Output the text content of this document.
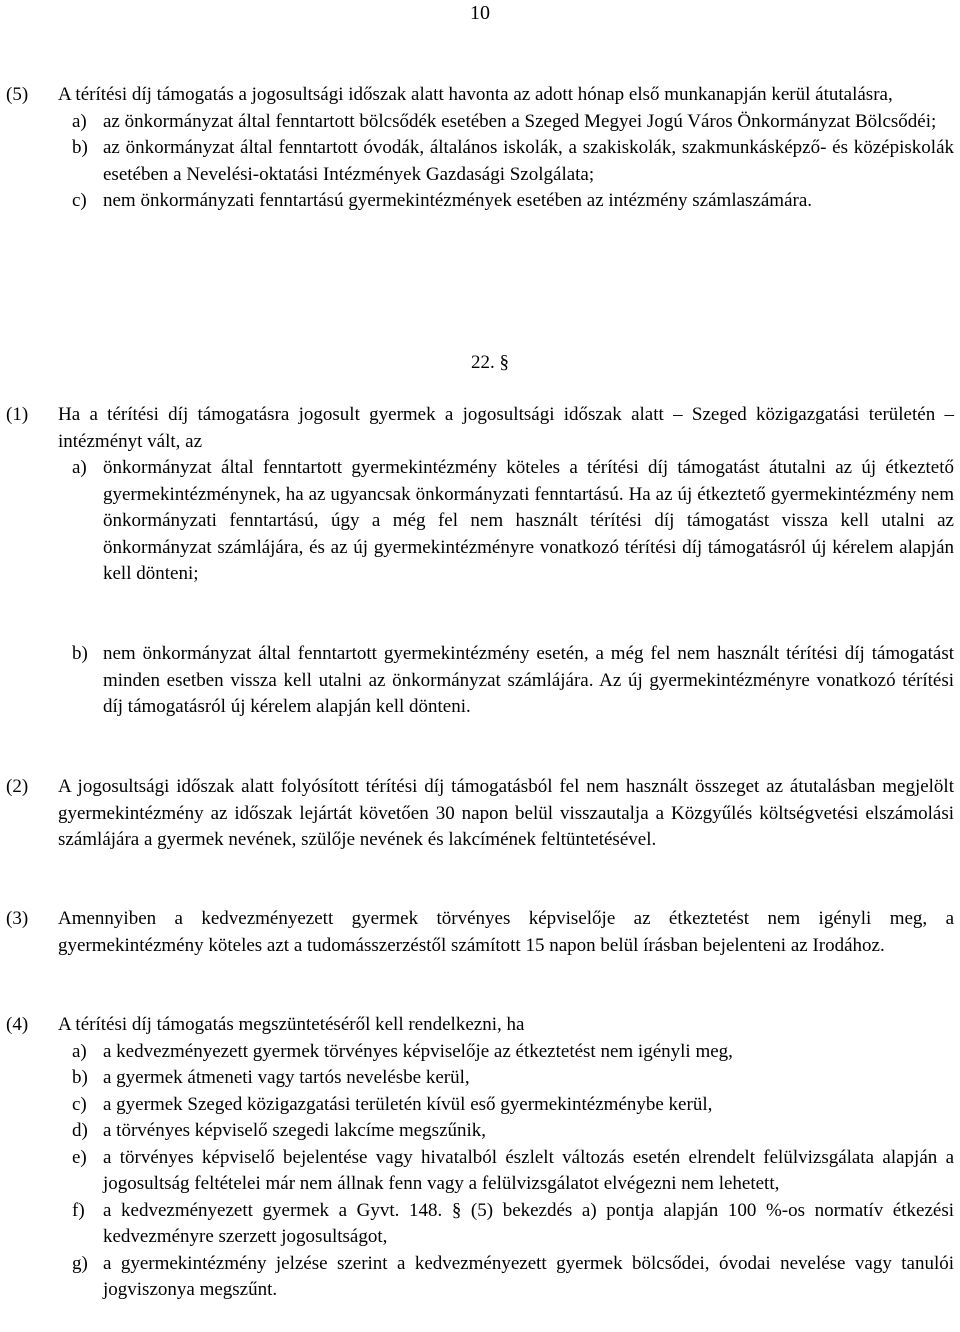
10
(5)	A térítési díj támogatás a jogosultsági időszak alatt havonta az adott hónap első munkanapján kerül átutalásra,
a) az önkormányzat által fenntartott bölcsődék esetében a Szeged Megyei Jogú Város Önkormányzat Bölcsődéi;
b) az önkormányzat által fenntartott óvodák, általános iskolák, a szakiskolák, szakmunkásképző- és középiskolák esetében a Nevelési-oktatási Intézmények Gazdasági Szolgálata;
c) nem önkormányzati fenntartású gyermekintézmények esetében az intézmény számlaszámára.
22. §
(1)	Ha a térítési díj támogatásra jogosult gyermek a jogosultsági időszak alatt – Szeged közigazgatási területén – intézményt vált, az
a) önkormányzat által fenntartott gyermekintézmény köteles a térítési díj támogatást átutalni az új étkeztető gyermekintézménynek, ha az ugyancsak önkormányzati fenntartású. Ha az új étkeztető gyermekintézmény nem önkormányzati fenntartású, úgy a még fel nem használt térítési díj támogatást vissza kell utalni az önkormányzat számlájára, és az új gyermekintézményre vonatkozó térítési díj támogatásról új kérelem alapján kell dönteni;
b) nem önkormányzat által fenntartott gyermekintézmény esetén, a még fel nem használt térítési díj támogatást minden esetben vissza kell utalni az önkormányzat számlájára. Az új gyermekintézményre vonatkozó térítési díj támogatásról új kérelem alapján kell dönteni.
(2)	A jogosultsági időszak alatt folyósított térítési díj támogatásból fel nem használt összeget az átutalásban megjelölt gyermekintézmény az időszak lejártát követően 30 napon belül visszautalja a Közgyűlés költségvetési elszámolási számlájára a gyermek nevének, szülője nevének és lakcímének feltüntetésével.
(3)	Amennyiben a kedvezményezett gyermek törvényes képviselője az étkeztetést nem igényli meg, a gyermekintézmény köteles azt a tudomásszerzéstől számított 15 napon belül írásban bejelenteni az Irodához.
(4)	A térítési díj támogatás megszüntetéséről kell rendelkezni, ha
a) a kedvezményezett gyermek törvényes képviselője az étkeztetést nem igényli meg,
b) a gyermek átmeneti vagy tartós nevelésbe kerül,
c) a gyermek Szeged közigazgatási területén kívül eső gyermekintézménybe kerül,
d) a törvényes képviselő szegedi lakcíme megszűnik,
e) a törvényes képviselő bejelentése vagy hivatalból észlelt változás esetén elrendelt felülvizsgálata alapján a jogosultság feltételei már nem állnak fenn vagy a felülvizsgálatot elvégezni nem lehetett,
f) a kedvezményezett gyermek a Gyvt. 148. § (5) bekezdés a) pontja alapján 100 %-os normatív étkezési kedvezményre szerzett jogosultságot,
g) a gyermekintézmény jelzése szerint a kedvezményezett gyermek bölcsődei, óvodai nevelése vagy tanulói jogviszonya megszűnt.
